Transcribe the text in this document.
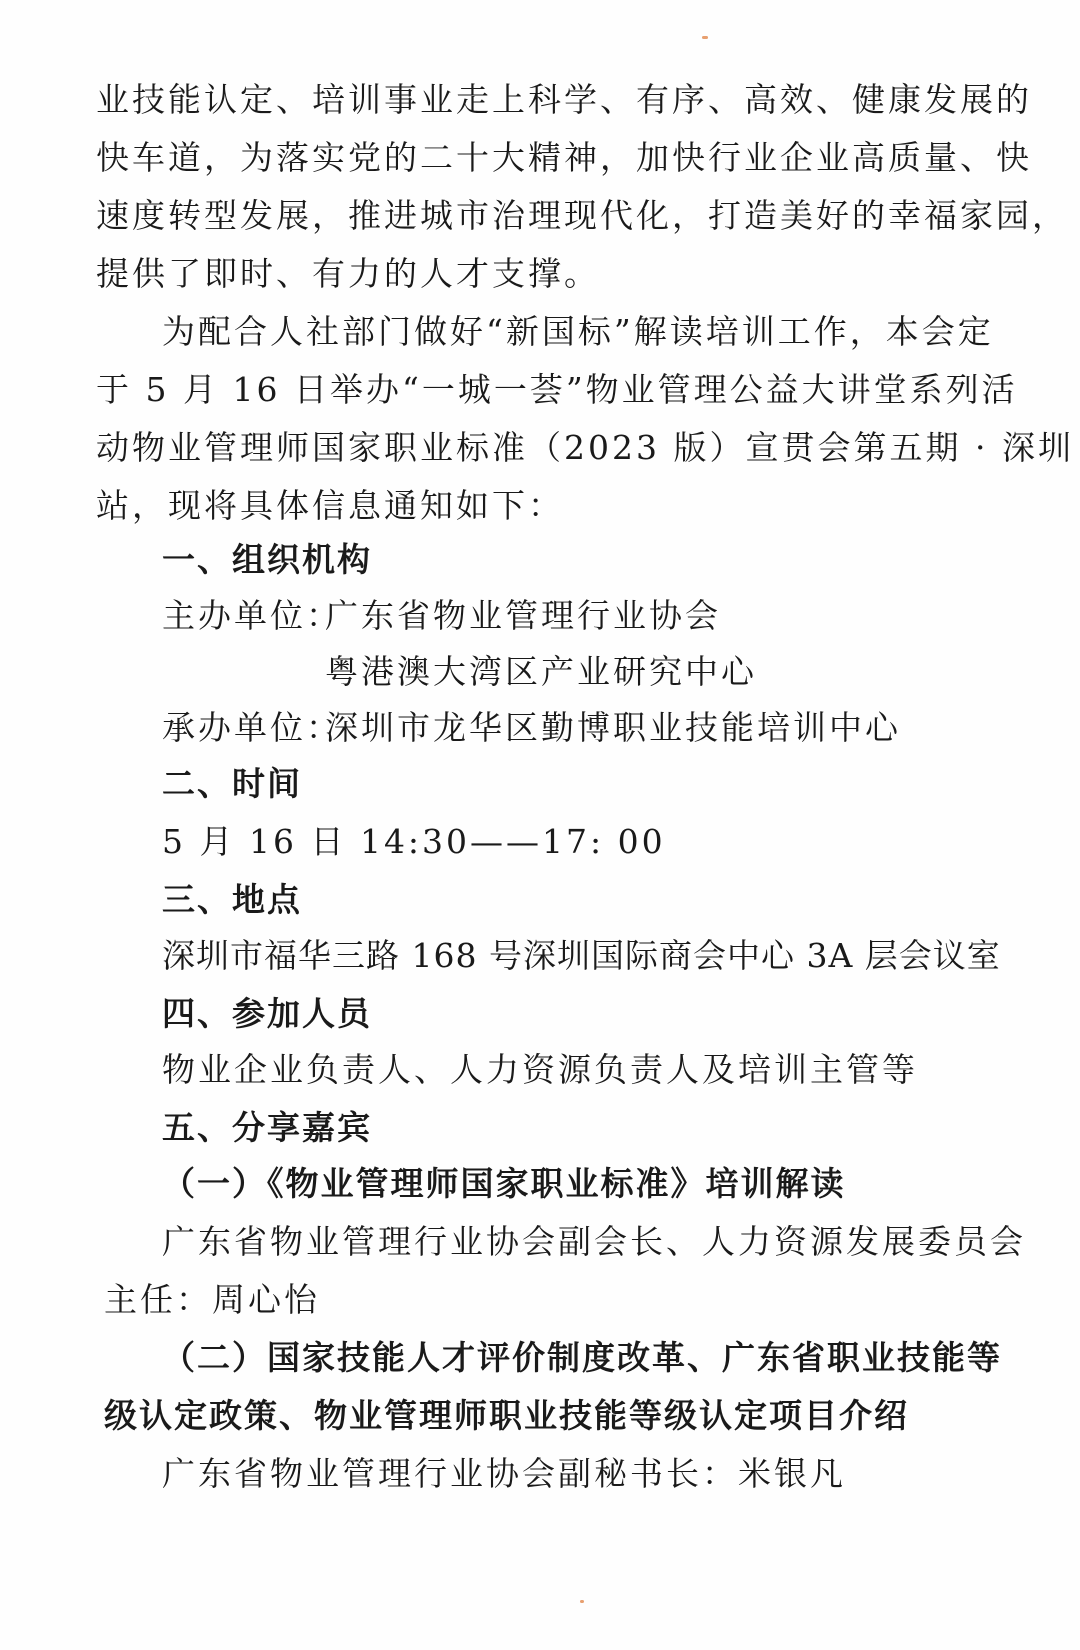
业技能认定、培训事业走上科学、有序、高效、健康发展的
快车道，为落实党的二十大精神，加快行业企业高质量、快
速度转型发展，推进城市治理现代化，打造美好的幸福家园，
提供了即时、有力的人才支撑。
为配合人社部门做好“新国标”解读培训工作，本会定
于 5 月 16 日举办“一城一荟”物业管理公益大讲堂系列活
动物业管理师国家职业标准（2023 版）宣贯会第五期 · 深圳
站，现将具体信息通知如下：
一、组织机构
主办单位：
广东省物业管理行业协会
粤港澳大湾区产业研究中心
承办单位：
深圳市龙华区勤博职业技能培训中心
二、时间
5 月 16 日 14:30——17: 00
三、地点
深圳市福华三路 168 号深圳国际商会中心 3A 层会议室
四、参加人员
物业企业负责人、人力资源负责人及培训主管等
五、分享嘉宾
（一）《物业管理师国家职业标准》培训解读
广东省物业管理行业协会副会长、人力资源发展委员会
主任：周心怡
（二）国家技能人才评价制度改革、广东省职业技能等
级认定政策、物业管理师职业技能等级认定项目介绍
广东省物业管理行业协会副秘书长：米银凡
